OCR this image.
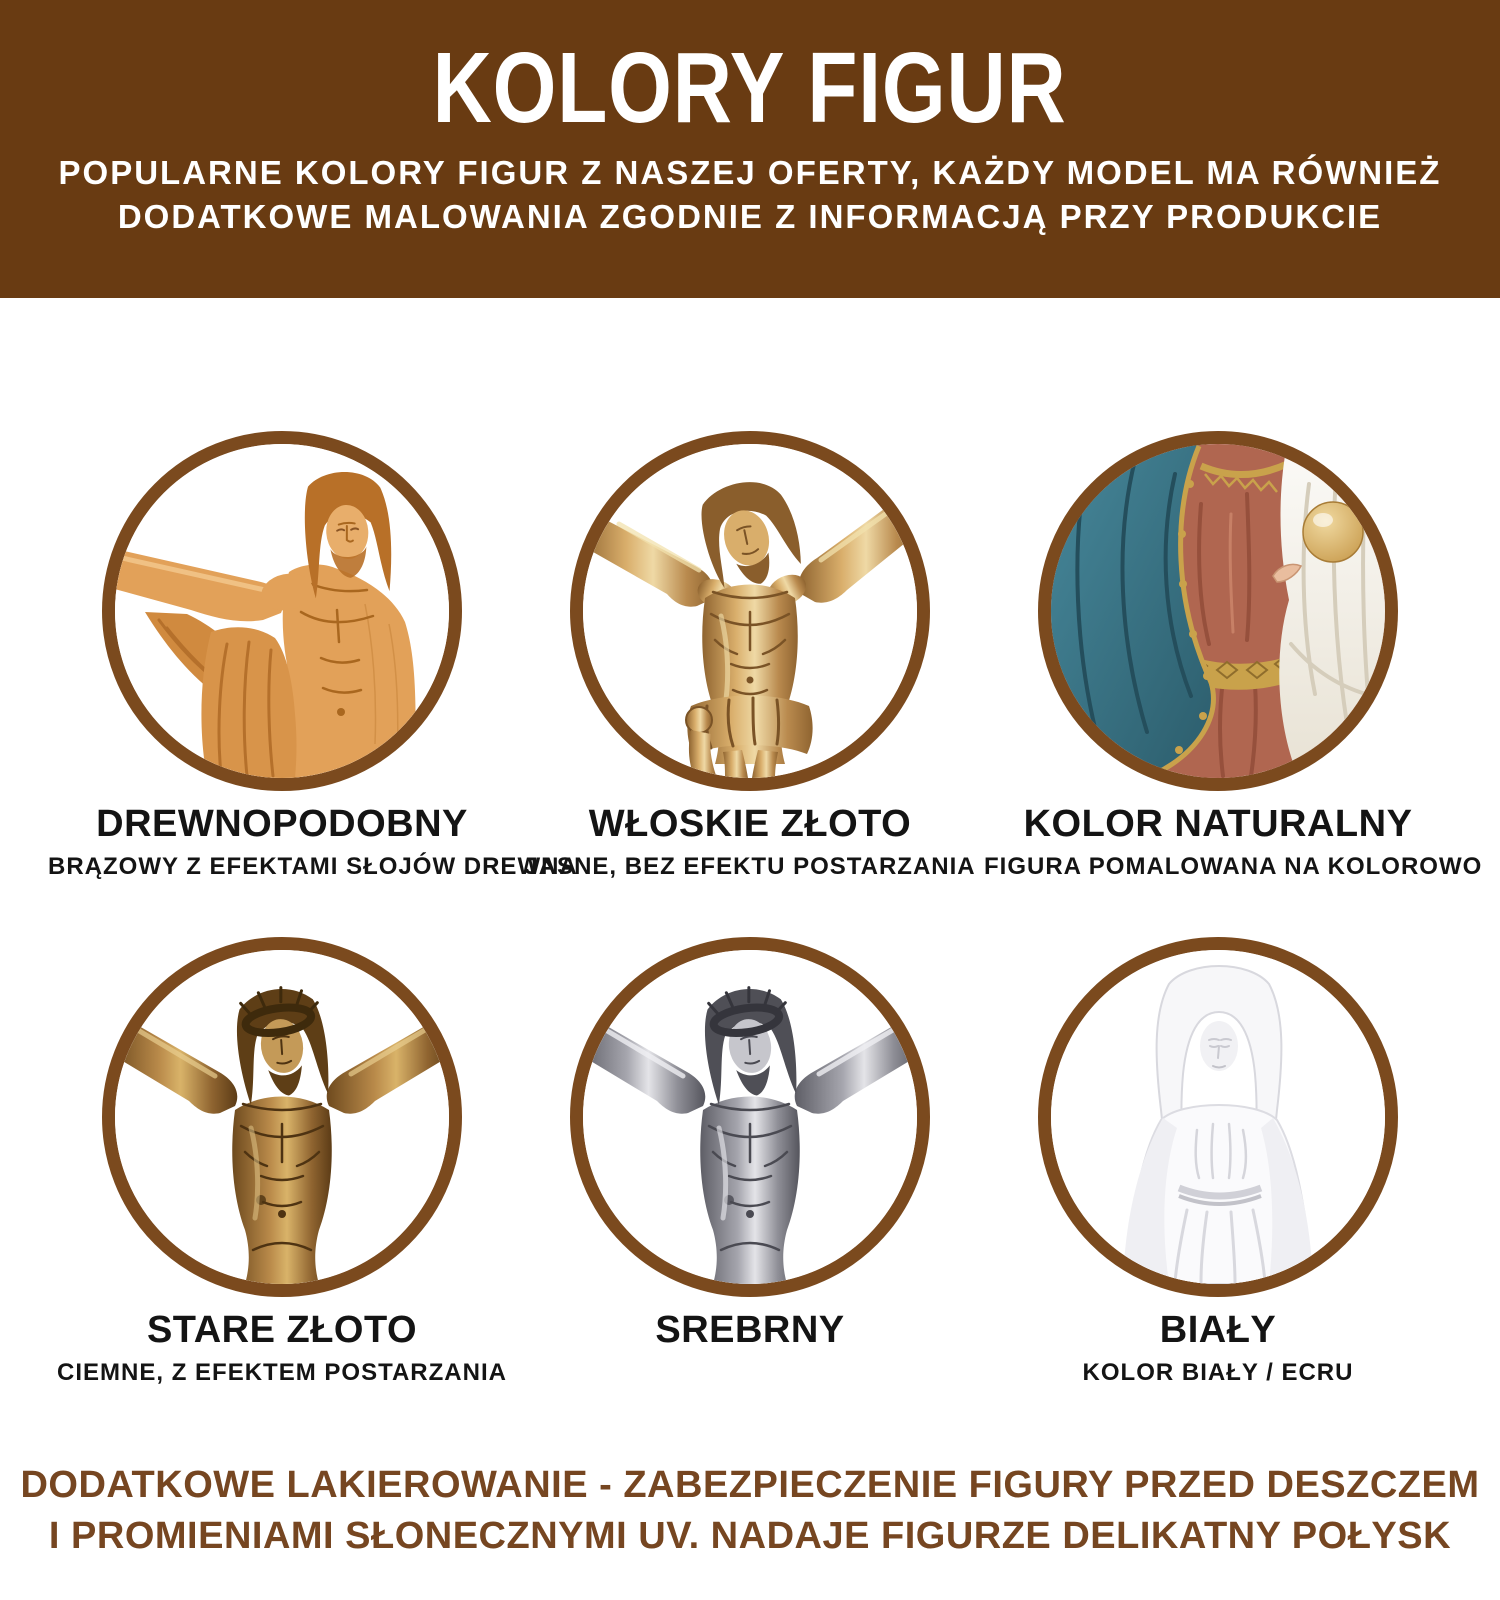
KOLORY FIGUR
POPULARNE KOLORY FIGUR Z NASZEJ OFERTY, KAŻDY MODEL MA RÓWNIEŻ
DODATKOWE MALOWANIA ZGODNIE Z INFORMACJĄ PRZY PRODUKCIE
DREWNOPODOBNY
BRĄZOWY Z EFEKTAMI SŁOJÓW DREWNA
WŁOSKIE ZŁOTO
JASNE, BEZ EFEKTU POSTARZANIA
KOLOR NATURALNY
FIGURA POMALOWANA NA KOLOROWO
STARE ZŁOTO
CIEMNE, Z EFEKTEM POSTARZANIA
SREBRNY	BIAŁY
KOLOR BIAŁY / ECRU
DODATKOWE LAKIEROWANIE - ZABEZPIECZENIE FIGURY PRZED DESZCZEM
I PROMIENIAMI SŁONECZNYMI UV. NADAJE FIGURZE DELIKATNY POŁYSK
